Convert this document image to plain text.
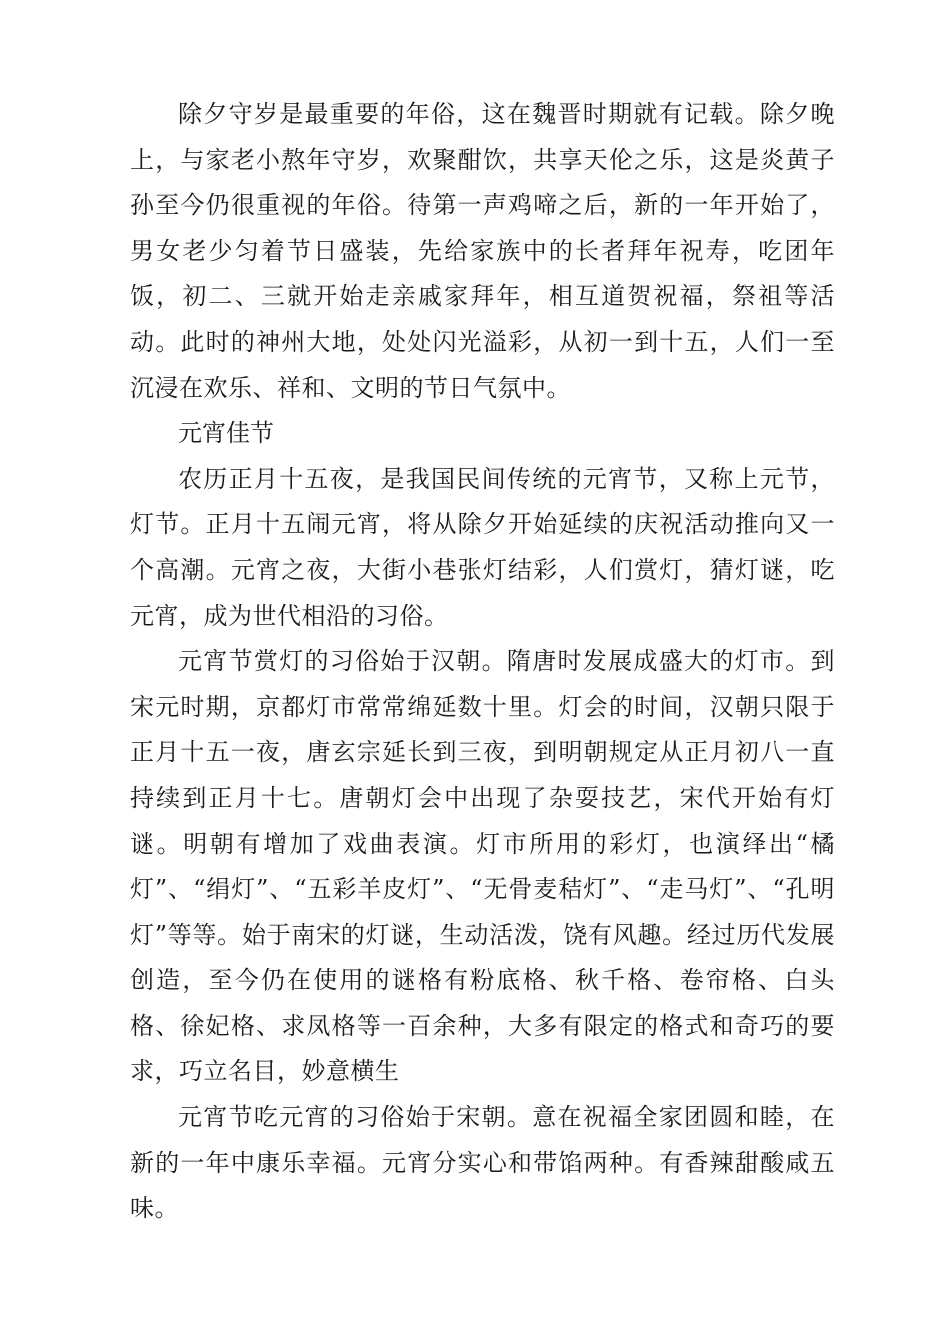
除夕守岁是最重要的年俗，这在魏晋时期就有记载。除夕晚上，与家老小熬年守岁，欢聚酣饮，共享天伦之乐，这是炎黄子孙至今仍很重视的年俗。待第一声鸡啼之后，新的一年开始了，男女老少匀着节日盛装，先给家族中的长者拜年祝寿，吃团年饭，初二、三就开始走亲戚家拜年，相互道贺祝福，祭祖等活动。此时的神州大地，处处闪光溢彩，从初一到十五，人们一至沉浸在欢乐、祥和、文明的节日气氛中。

元宵佳节

农历正月十五夜，是我国民间传统的元宵节，又称上元节，灯节。正月十五闹元宵，将从除夕开始延续的庆祝活动推向又一个高潮。元宵之夜，大街小巷张灯结彩，人们赏灯，猜灯谜，吃元宵，成为世代相沿的习俗。

元宵节赏灯的习俗始于汉朝。隋唐时发展成盛大的灯市。到宋元时期，京都灯市常常绵延数十里。灯会的时间，汉朝只限于正月十五一夜，唐玄宗延长到三夜，到明朝规定从正月初八一直持续到正月十七。唐朝灯会中出现了杂耍技艺，宋代开始有灯谜。明朝有增加了戏曲表演。灯市所用的彩灯，也演绎出“橘灯”、“绢灯”、“五彩羊皮灯”、“无骨麦秸灯”、“走马灯”、“孔明灯”等等。始于南宋的灯谜，生动活泼，饶有风趣。经过历代发展创造，至今仍在使用的谜格有粉底格、秋千格、卷帘格、白头格、徐妃格、求凤格等一百余种，大多有限定的格式和奇巧的要求，巧立名目，妙意横生

元宵节吃元宵的习俗始于宋朝。意在祝福全家团圆和睦，在新的一年中康乐幸福。元宵分实心和带馅两种。有香辣甜酸咸五味。
